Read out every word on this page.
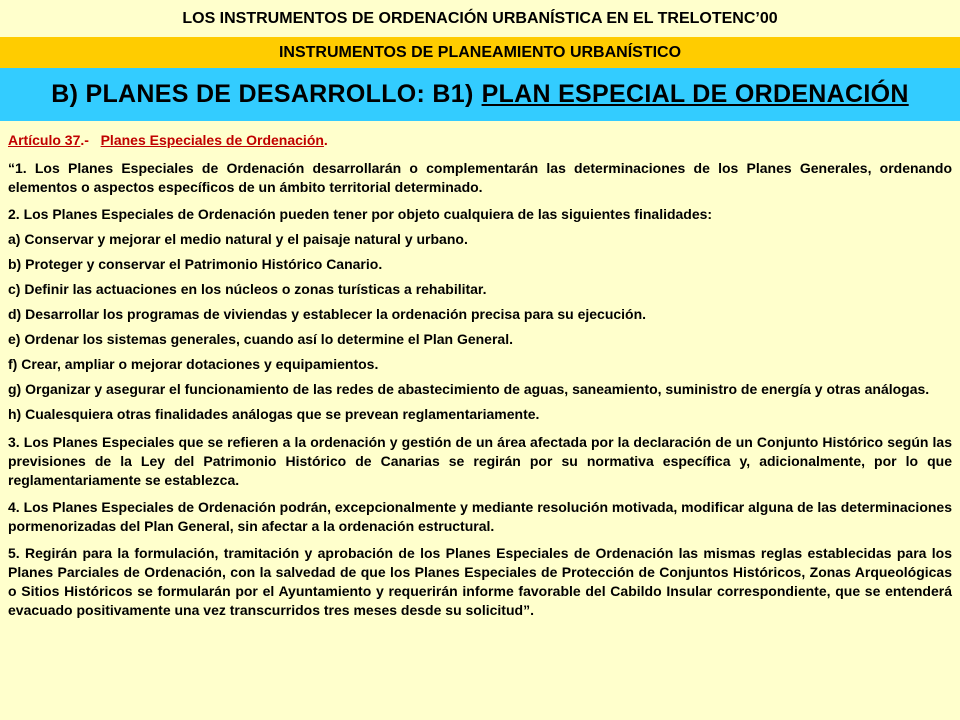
LOS INSTRUMENTOS DE ORDENACIÓN URBANÍSTICA EN EL TRELOTENC’00
INSTRUMENTOS DE PLANEAMIENTO URBANÍSTICO
B) PLANES DE DESARROLLO: B1) PLAN ESPECIAL DE ORDENACIÓN

Artículo 37.-   Planes Especiales de Ordenación.

“1. Los Planes Especiales de Ordenación desarrollarán o complementarán las determinaciones de los Planes Generales, ordenando elementos o aspectos específicos de un ámbito territorial determinado.

2. Los Planes Especiales de Ordenación pueden tener por objeto cualquiera de las siguientes finalidades:

a) Conservar y mejorar el medio natural y el paisaje natural y urbano.

b) Proteger y conservar el Patrimonio Histórico Canario.

c) Definir las actuaciones en los núcleos o zonas turísticas a rehabilitar.

d) Desarrollar los programas de viviendas y establecer la ordenación precisa para su ejecución.

e) Ordenar los sistemas generales, cuando así lo determine el Plan General.

f) Crear, ampliar o mejorar dotaciones y equipamientos.

g) Organizar y asegurar el funcionamiento de las redes de abastecimiento de aguas, saneamiento, suministro de energía y otras análogas.

h) Cualesquiera otras finalidades análogas que se prevean reglamentariamente.

3. Los Planes Especiales que se refieren a la ordenación y gestión de un área afectada por la declaración de un Conjunto Histórico según las previsiones de la Ley del Patrimonio Histórico de Canarias se regirán por su normativa específica y, adicionalmente, por lo que reglamentariamente se establezca.

4. Los Planes Especiales de Ordenación podrán, excepcionalmente y mediante resolución motivada, modificar alguna de las determinaciones pormenorizadas del Plan General, sin afectar a la ordenación estructural.

5. Regirán para la formulación, tramitación y aprobación de los Planes Especiales de Ordenación las mismas reglas establecidas para los Planes Parciales de Ordenación, con la salvedad de que los Planes Especiales de Protección de Conjuntos Históricos, Zonas Arqueológicas o Sitios Históricos se formularán por el Ayuntamiento y requerirán informe favorable del Cabildo Insular correspondiente, que se entenderá evacuado positivamente una vez transcurridos tres meses desde su solicitud”.
